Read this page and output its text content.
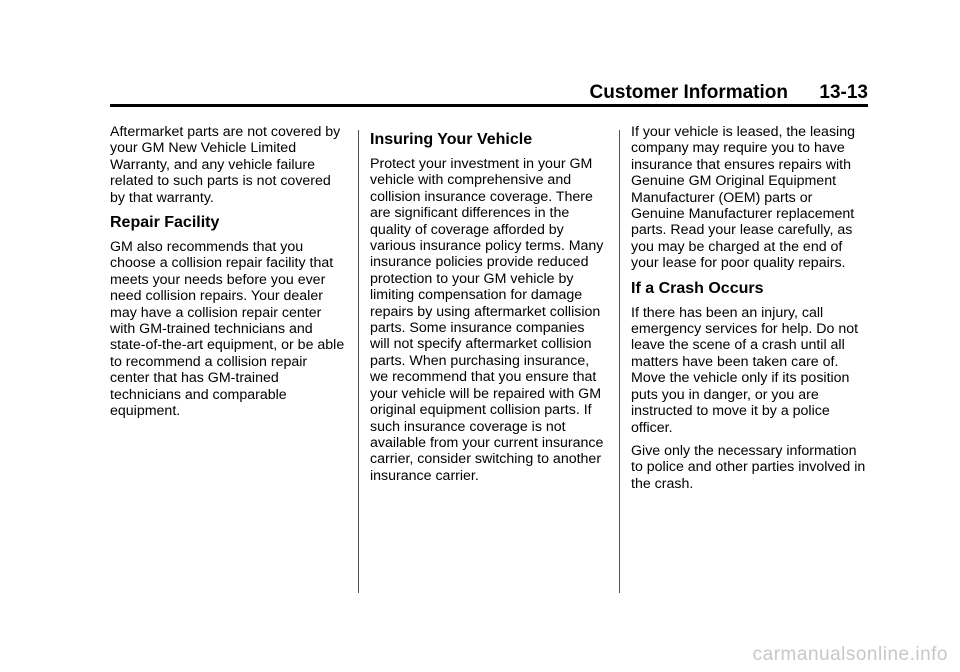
Customer Information 13-13

Aftermarket parts are not covered by your GM New Vehicle Limited Warranty, and any vehicle failure related to such parts is not covered by that warranty.

Repair Facility

GM also recommends that you choose a collision repair facility that meets your needs before you ever need collision repairs. Your dealer may have a collision repair center with GM-trained technicians and state-of-the-art equipment, or be able to recommend a collision repair center that has GM-trained technicians and comparable equipment.

Insuring Your Vehicle

Protect your investment in your GM vehicle with comprehensive and collision insurance coverage. There are significant differences in the quality of coverage afforded by various insurance policy terms. Many insurance policies provide reduced protection to your GM vehicle by limiting compensation for damage repairs by using aftermarket collision parts. Some insurance companies will not specify aftermarket collision parts. When purchasing insurance, we recommend that you ensure that your vehicle will be repaired with GM original equipment collision parts. If such insurance coverage is not available from your current insurance carrier, consider switching to another insurance carrier.

If your vehicle is leased, the leasing company may require you to have insurance that ensures repairs with Genuine GM Original Equipment Manufacturer (OEM) parts or Genuine Manufacturer replacement parts. Read your lease carefully, as you may be charged at the end of your lease for poor quality repairs.

If a Crash Occurs

If there has been an injury, call emergency services for help. Do not leave the scene of a crash until all matters have been taken care of. Move the vehicle only if its position puts you in danger, or you are instructed to move it by a police officer.

Give only the necessary information to police and other parties involved in the crash.

carmanualsonline.info
